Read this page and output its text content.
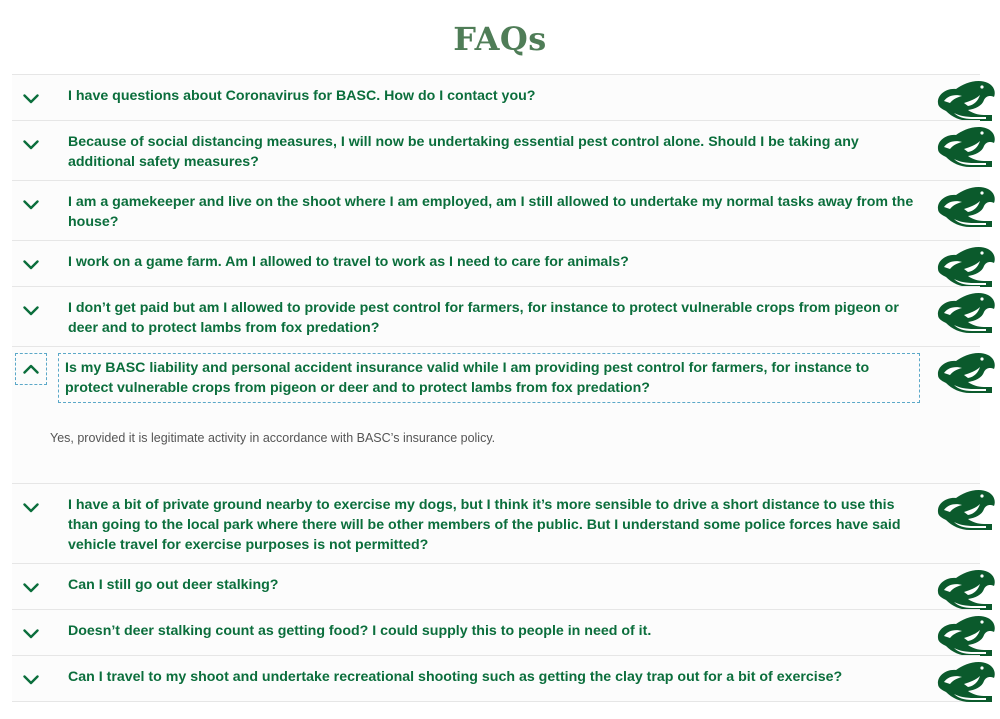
FAQs
I have questions about Coronavirus for BASC. How do I contact you?
Because of social distancing measures, I will now be undertaking essential pest control alone. Should I be taking any additional safety measures?
I am a gamekeeper and live on the shoot where I am employed, am I still allowed to undertake my normal tasks away from the house?
I work on a game farm. Am I allowed to travel to work as I need to care for animals?
I don’t get paid but am I allowed to provide pest control for farmers, for instance to protect vulnerable crops from pigeon or deer and to protect lambs from fox predation?
Is my BASC liability and personal accident insurance valid while I am providing pest control for farmers, for instance to protect vulnerable crops from pigeon or deer and to protect lambs from fox predation?
Yes, provided it is legitimate activity in accordance with BASC’s insurance policy.
I have a bit of private ground nearby to exercise my dogs, but I think it’s more sensible to drive a short distance to use this than going to the local park where there will be other members of the public. But I understand some police forces have said vehicle travel for exercise purposes is not permitted?
Can I still go out deer stalking?
Doesn’t deer stalking count as getting food? I could supply this to people in need of it.
Can I travel to my shoot and undertake recreational shooting such as getting the clay trap out for a bit of exercise?
